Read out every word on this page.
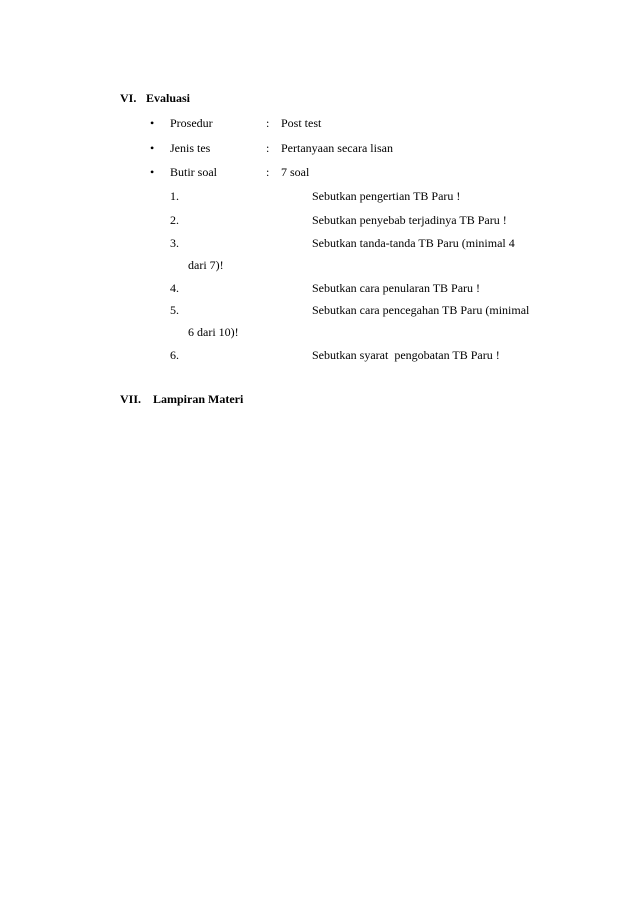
VI. Evaluasi
• Prosedur	: Post test
• Jenis tes	: Pertanyaan secara lisan
• Butir soal	: 7 soal
1.	Sebutkan pengertian TB Paru !
2.	Sebutkan penyebab terjadinya TB Paru !
3.	Sebutkan tanda-tanda TB Paru (minimal 4
dari 7)!
4.	Sebutkan cara penularan TB Paru !
5.	Sebutkan cara pencegahan TB Paru (minimal
6 dari 10)!
6.	Sebutkan syarat  pengobatan TB Paru !
VII. Lampiran Materi
